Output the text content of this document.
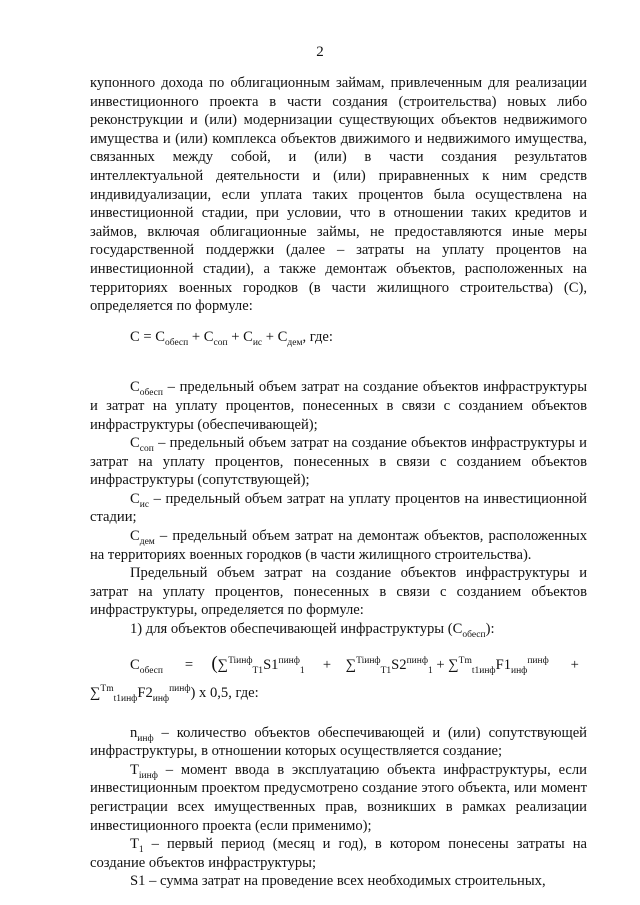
2

купонного дохода по облигационным займам, привлеченным для реализации инвестиционного проекта в части создания (строительства) новых либо реконструкции и (или) модернизации существующих объектов недвижимого имущества и (или) комплекса объектов движимого и недвижимого имущества, связанных между собой, и (или) в части создания результатов интеллектуальной деятельности и (или) приравненных к ним средств индивидуализации, если уплата таких процентов была осуществлена на инвестиционной стадии, при условии, что в отношении таких кредитов и займов, включая облигационные займы, не предоставляются иные меры государственной поддержки (далее – затраты на уплату процентов на инвестиционной стадии), а также демонтаж объектов, расположенных на территориях военных городков (в части жилищного строительства) (C), определяется по формуле:

$C = C_{обесп} + C_{соп} + C_{ис} + C_{дем}$, где:

$C_{обесп}$ – предельный объем затрат на создание объектов инфраструктуры и затрат на уплату процентов, понесенных в связи с созданием объектов инфраструктуры (обеспечивающей);

$C_{соп}$ – предельный объем затрат на создание объектов инфраструктуры и затрат на уплату процентов, понесенных в связи с созданием объектов инфраструктуры (сопутствующей);

$C_{ис}$ – предельный объем затрат на уплату процентов на инвестиционной стадии;

$C_{дем}$ – предельный объем затрат на демонтаж объектов, расположенных на территориях военных городков (в части жилищного строительства).

Предельный объем затрат на создание объектов инфраструктуры и затрат на уплату процентов, понесенных в связи с созданием объектов инфраструктуры, определяется по формуле:

1) для объектов обеспечивающей инфраструктуры $(C_{обесп})$:

$C_{обесп} = (\sum^{Tiинф}_{T1}S1^{пинф}_1$     +    $\sum^{Tiинф}_{T1}S2^{пинф}_1 + \sum^{Tm}_{t1инф}F1_{инф}^{пинф}$      +
$\sum^{Tm}_{t1инф}F2_{инф}^{пинф}$) x 0,5, где:

$n_{инф}$ – количество объектов обеспечивающей и (или) сопутствующей инфраструктуры, в отношении которых осуществляется создание;

$T_{iинф}$ – момент ввода в эксплуатацию объекта инфраструктуры, если инвестиционным проектом предусмотрено создание этого объекта, или момент регистрации всех имущественных прав, возникших в рамках реализации инвестиционного проекта (если применимо);

$T_1$ – первый период (месяц и год), в котором понесены затраты на создание объектов инфраструктуры;

S1 – сумма затрат на проведение всех необходимых строительных,
